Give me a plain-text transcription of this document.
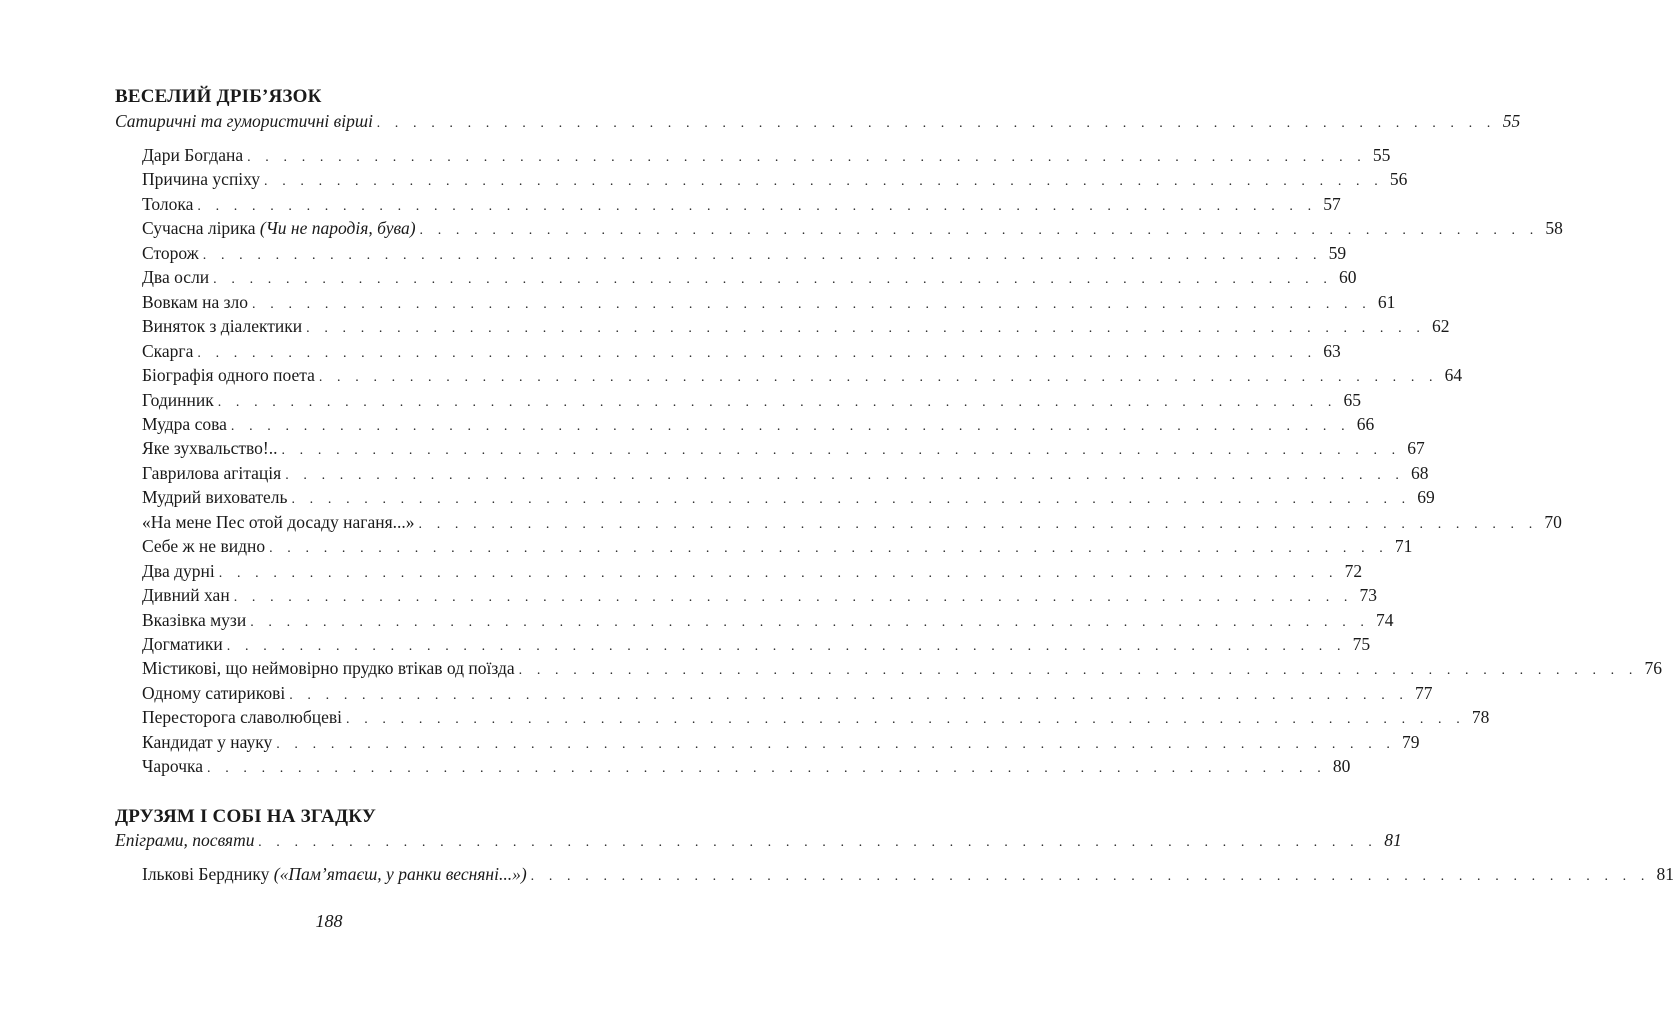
ВЕСЕЛИЙ ДРІБ’ЯЗОК
Сатиричні та гумористичні вірші . . . . . . . . . . . . . . . . . . . . . . . . . . . . . . . . . . . . . . . . . . . . . . . . . . . . . . . . . . . . . . 55
Дари Богдана . . . . . . . . . . . . . . . . . . . . . . . . . . . . . . . . . . . . . . . . . . . . . . . . . . . . . . . . . . . . . . 55
Причина успіху . . . . . . . . . . . . . . . . . . . . . . . . . . . . . . . . . . . . . . . . . . . . . . . . . . . . . . . . . . . . . . 56
Толока . . . . . . . . . . . . . . . . . . . . . . . . . . . . . . . . . . . . . . . . . . . . . . . . . . . . . . . . . . . . . . 57
Сучасна лірика (Чи не пародія, бува) . . . . . . . . . . . . . . . . . . . . . . . . . . . . . . . . . . . . . . . . . . . . . . . . . . . . . . . . . . . . . . 58
Сторож . . . . . . . . . . . . . . . . . . . . . . . . . . . . . . . . . . . . . . . . . . . . . . . . . . . . . . . . . . . . . . 59
Два осли . . . . . . . . . . . . . . . . . . . . . . . . . . . . . . . . . . . . . . . . . . . . . . . . . . . . . . . . . . . . . . 60
Вовкам на зло . . . . . . . . . . . . . . . . . . . . . . . . . . . . . . . . . . . . . . . . . . . . . . . . . . . . . . . . . . . . . . 61
Виняток з діалектики . . . . . . . . . . . . . . . . . . . . . . . . . . . . . . . . . . . . . . . . . . . . . . . . . . . . . . . . . . . . . . 62
Скарга . . . . . . . . . . . . . . . . . . . . . . . . . . . . . . . . . . . . . . . . . . . . . . . . . . . . . . . . . . . . . . 63
Біографія одного поета . . . . . . . . . . . . . . . . . . . . . . . . . . . . . . . . . . . . . . . . . . . . . . . . . . . . . . . . . . . . . . 64
Годинник . . . . . . . . . . . . . . . . . . . . . . . . . . . . . . . . . . . . . . . . . . . . . . . . . . . . . . . . . . . . . . 65
Мудра сова . . . . . . . . . . . . . . . . . . . . . . . . . . . . . . . . . . . . . . . . . . . . . . . . . . . . . . . . . . . . . . 66
Яке зухвальство!.. . . . . . . . . . . . . . . . . . . . . . . . . . . . . . . . . . . . . . . . . . . . . . . . . . . . . . . . . . . . . . . 67
Гаврилова агітація . . . . . . . . . . . . . . . . . . . . . . . . . . . . . . . . . . . . . . . . . . . . . . . . . . . . . . . . . . . . . . 68
Мудрий вихователь . . . . . . . . . . . . . . . . . . . . . . . . . . . . . . . . . . . . . . . . . . . . . . . . . . . . . . . . . . . . . . 69
«На мене Пес отой досаду наганя...» . . . . . . . . . . . . . . . . . . . . . . . . . . . . . . . . . . . . . . . . . . . . . . . . . . . . . . . . . . . . . . 70
Себе ж не видно . . . . . . . . . . . . . . . . . . . . . . . . . . . . . . . . . . . . . . . . . . . . . . . . . . . . . . . . . . . . . . 71
Два дурні . . . . . . . . . . . . . . . . . . . . . . . . . . . . . . . . . . . . . . . . . . . . . . . . . . . . . . . . . . . . . . 72
Дивний хан . . . . . . . . . . . . . . . . . . . . . . . . . . . . . . . . . . . . . . . . . . . . . . . . . . . . . . . . . . . . . . 73
Вказівка музи . . . . . . . . . . . . . . . . . . . . . . . . . . . . . . . . . . . . . . . . . . . . . . . . . . . . . . . . . . . . . . 74
Догматики . . . . . . . . . . . . . . . . . . . . . . . . . . . . . . . . . . . . . . . . . . . . . . . . . . . . . . . . . . . . . . 75
Містикові, що неймовірно прудко втікав од поїзда . . . . . . . . . . . . . . . . . . . . . . . . . . . . . . . . . . . . . . . . . . . . . . . . . . . . . . . . . . . . . . 76
Одному сатирикові . . . . . . . . . . . . . . . . . . . . . . . . . . . . . . . . . . . . . . . . . . . . . . . . . . . . . . . . . . . . . . 77
Пересторога славолюбцеві . . . . . . . . . . . . . . . . . . . . . . . . . . . . . . . . . . . . . . . . . . . . . . . . . . . . . . . . . . . . . . 78
Кандидат у науку . . . . . . . . . . . . . . . . . . . . . . . . . . . . . . . . . . . . . . . . . . . . . . . . . . . . . . . . . . . . . . 79
Чарочка . . . . . . . . . . . . . . . . . . . . . . . . . . . . . . . . . . . . . . . . . . . . . . . . . . . . . . . . . . . . . . 80
ДРУЗЯМ І СОБІ НА ЗГАДКУ
Епіграми, посвяти . . . . . . . . . . . . . . . . . . . . . . . . . . . . . . . . . . . . . . . . . . . . . . . . . . . . . . . . . . . . . . 81
Ількові Берднику («Пам’ятаєш, у ранки весняні...») . . . . . . . . . . . . . . . . . . . . . . . . . . . . . . . . . . . . . . . . . . . . . . . . . . . . . . . . . . . . . . 81
188
